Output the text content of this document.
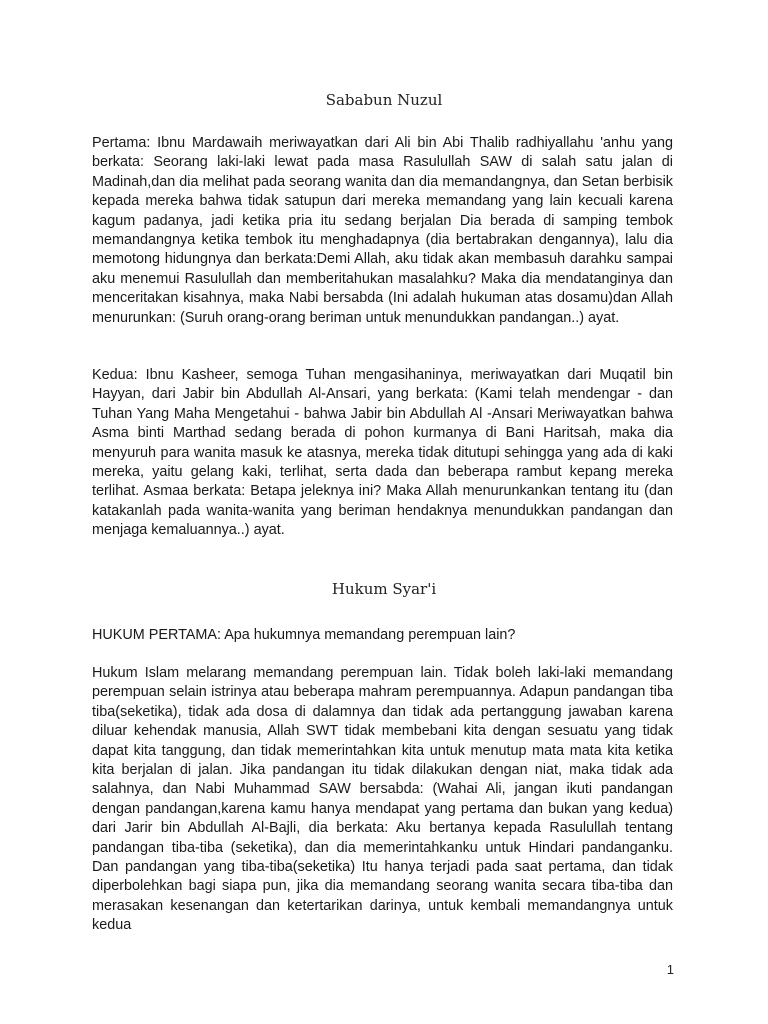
Sababun Nuzul

Pertama: Ibnu Mardawaih meriwayatkan dari Ali bin Abi Thalib radhiyallahu 'anhu yang berkata: Seorang laki-laki lewat pada masa Rasulullah SAW di salah satu jalan di Madinah,dan dia melihat pada seorang wanita dan dia memandangnya, dan Setan berbisik kepada mereka bahwa tidak satupun dari mereka memandang yang lain kecuali karena kagum padanya, jadi ketika pria itu sedang berjalan Dia berada di samping tembok memandangnya ketika tembok itu menghadapnya (dia bertabrakan dengannya), lalu dia memotong hidungnya dan berkata:Demi Allah, aku tidak akan membasuh darahku sampai aku menemui Rasulullah dan memberitahukan masalahku? Maka dia mendatanginya dan menceritakan kisahnya, maka Nabi bersabda (Ini adalah hukuman atas dosamu)dan Allah menurunkan: (Suruh orang-orang beriman untuk menundukkan pandangan..) ayat.

Kedua: Ibnu Kasheer, semoga Tuhan mengasihaninya, meriwayatkan dari Muqatil bin Hayyan, dari Jabir bin Abdullah Al-Ansari, yang berkata: (Kami telah mendengar - dan Tuhan Yang Maha Mengetahui - bahwa Jabir bin Abdullah Al -Ansari Meriwayatkan bahwa Asma binti Marthad sedang berada di pohon kurmanya di Bani Haritsah, maka dia menyuruh para wanita masuk ke atasnya, mereka tidak ditutupi sehingga yang ada di kaki mereka, yaitu gelang kaki, terlihat, serta dada dan beberapa rambut kepang mereka terlihat. Asmaa berkata: Betapa jeleknya ini? Maka Allah menurunkankan tentang itu (dan katakanlah pada wanita-wanita yang beriman hendaknya menundukkan pandangan dan menjaga kemaluannya..) ayat.

Hukum Syar'i

HUKUM PERTAMA: Apa hukumnya memandang perempuan lain?

Hukum Islam melarang memandang perempuan lain. Tidak boleh laki-laki memandang perempuan selain istrinya atau beberapa mahram perempuannya. Adapun pandangan tiba tiba(seketika), tidak ada dosa di dalamnya dan tidak ada pertanggung jawaban karena diluar kehendak manusia, Allah SWT tidak membebani kita dengan sesuatu yang tidak dapat kita tanggung, dan tidak memerintahkan kita untuk menutup mata mata kita ketika kita berjalan di jalan. Jika pandangan itu tidak dilakukan dengan niat, maka tidak ada salahnya, dan Nabi Muhammad SAW bersabda: (Wahai Ali, jangan ikuti pandangan dengan pandangan,karena kamu hanya mendapat yang pertama dan bukan yang kedua) dari Jarir bin Abdullah Al-Bajli, dia berkata: Aku bertanya kepada Rasulullah tentang pandangan tiba-tiba (seketika), dan dia memerintahkanku untuk Hindari pandanganku. Dan pandangan yang tiba-tiba(seketika) Itu hanya terjadi pada saat pertama, dan tidak diperbolehkan bagi siapa pun, jika dia memandang seorang wanita secara tiba-tiba dan merasakan kesenangan dan ketertarikan darinya, untuk kembali memandangnya untuk kedua

1
